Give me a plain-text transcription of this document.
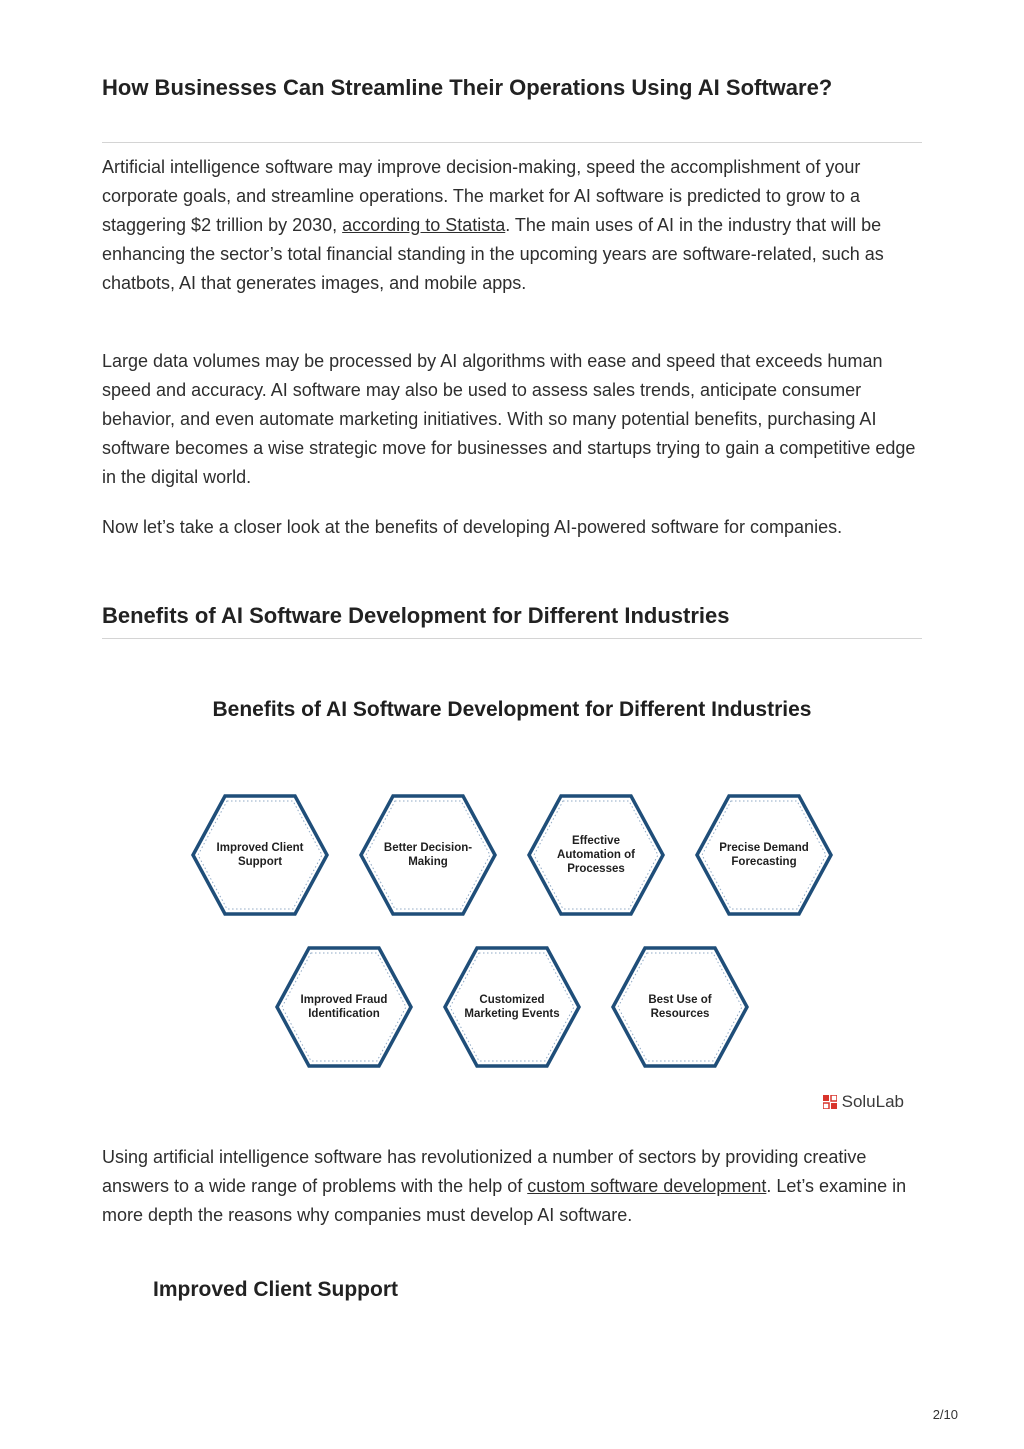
How Businesses Can Streamline Their Operations Using AI Software?

Artificial intelligence software may improve decision-making, speed the accomplishment of your corporate goals, and streamline operations. The market for AI software is predicted to grow to a staggering $2 trillion by 2030, according to Statista. The main uses of AI in the industry that will be enhancing the sector’s total financial standing in the upcoming years are software-related, such as chatbots, AI that generates images, and mobile apps.

Large data volumes may be processed by AI algorithms with ease and speed that exceeds human speed and accuracy. AI software may also be used to assess sales trends, anticipate consumer behavior, and even automate marketing initiatives. With so many potential benefits, purchasing AI software becomes a wise strategic move for businesses and startups trying to gain a competitive edge in the digital world.

Now let’s take a closer look at the benefits of developing AI-powered software for companies.

Benefits of AI Software Development for Different Industries
Benefits of AI Software Development for Different Industries
Improved Client Support
Better Decision-Making
Effective Automation of Processes
Precise Demand Forecasting
Improved Fraud Identification
Customized Marketing Events
Best Use of Resources
SoluLab

Using artificial intelligence software has revolutionized a number of sectors by providing creative answers to a wide range of problems with the help of custom software development. Let’s examine in more depth the reasons why companies must develop AI software.

Improved Client Support
2/10
